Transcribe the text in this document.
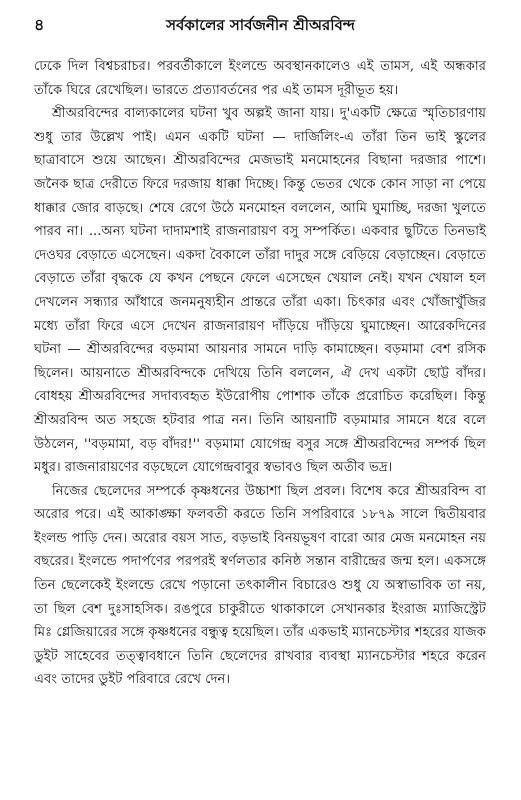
৪	সর্বকালের সার্বজনীন শ্রীঅরবিন্দ

ঢেকে দিল বিশ্বচরাচর। পরবর্তীকালে ইংলন্ডে অবস্থানকালেও এই তামস, এই অন্ধকার তাঁকে ঘিরে রেখেছিল। ভারতে প্রত্যাবর্তনের পর এই তামস দূরীভূত হয়।

শ্রীঅরবিন্দের বাল্যকালের ঘটনা খুব অল্পই জানা যায়। দু'একটি ক্ষেত্রে স্মৃতিচারণায় শুধু তার উল্লেখ পাই। এমন একটি ঘটনা — দার্জিলিং-এ তাঁরা তিন ভাই স্কুলের ছাত্রাবাসে শুয়ে আছেন। শ্রীঅরবিন্দের মেজভাই মনমোহনের বিছানা দরজার পাশে। জনৈক ছাত্র দেরীতে ফিরে দরজায় ধাক্কা দিচ্ছে। কিন্তু ভেতর থেকে কোন সাড়া না পেয়ে ধাক্কার জোর বাড়ছে। শেষে রেগে উঠে মনমোহন বললেন, আমি ঘুমাচ্ছি, দরজা খুলতে পারব না। ...অন্য ঘটনা দাদামশাই রাজনারায়ণ বসু সম্পর্কিত। একবার ছুটিতে তিনভাই দেওঘর বেড়াতে এসেছেন। একদা বৈকালে তাঁরা দাদুর সঙ্গে বেড়িয়ে বেড়াচ্ছেন। বেড়াতে বেড়াতে তাঁরা বৃদ্ধকে যে কখন পেছনে ফেলে এসেছেন খেয়াল নেই। যখন খেয়াল হল দেখলেন সন্ধ্যার আঁধারে জনমনুষ্যহীন প্রান্তরে তাঁরা একা। চিৎকার এবং খোঁজাখুঁজির মধ্যে তাঁরা ফিরে এসে দেখেন রাজনারায়ণ দাঁড়িয়ে দাঁড়িয়ে ঘুমাচ্ছেন। আরেকদিনের ঘটনা — শ্রীঅরবিন্দের বড়মামা আয়নার সামনে দাড়ি কামাচ্ছেন। বড়মামা বেশ রসিক ছিলেন। আয়নাতে শ্রীঅরবিন্দকে দেখিয়ে তিনি বললেন, ঐ দেখ একটা ছোট্ট বাঁদর। বোধহয় শ্রীঅরবিন্দের সদাব্যবহৃত ইউরোপীয় পোশাক তাঁকে প্ররোচিত করেছিল। কিন্তু শ্রীঅরবিন্দ অত সহজে হটবার পাত্র নন। তিনি আয়নাটি বড়মামার সামনে ধরে বলে উঠলেন, ''বড়মামা, বড় বাঁদর!'' বড়মামা যোগেন্দ্র বসুর সঙ্গে শ্রীঅরবিন্দের সম্পর্ক ছিল মধুর। রাজনারায়ণের বড়ছেলে যোগেন্দ্রবাবুর স্বভাবও ছিল অতীব ভদ্র।

নিজের ছেলেদের সম্পর্কে কৃষ্ণধনের উচ্চাশা ছিল প্রবল। বিশেষ করে শ্রীঅরবিন্দ বা অরোর পরে। এই আকাঙ্ক্ষা ফলবতী করতে তিনি সপরিবারে ১৮৭৯ সালে দ্বিতীয়বার ইংলন্ড পাড়ি দেন। অরোর বয়স সাত, বড়ভাই বিনয়ভূষণ বারো আর মেজ মনমোহন নয় বছরের। ইংলন্ডে পদার্পণের পরপরই স্বর্ণলতার কনিষ্ঠ সন্তান বারীন্দ্রের জন্ম হল। একসঙ্গে তিন ছেলেকেই ইংলন্ডে রেখে পড়ানো তৎকালীন বিচারেও শুধু যে অস্বাভাবিক তা নয়, তা ছিল বেশ দুঃসাহসিক। রঙপুরে চাকুরীতে থাকাকালে সেখানকার ইংরাজ ম্যাজিস্ট্রেট মিঃ গ্লেজিয়ারের সঙ্গে কৃষ্ণধনের বন্ধুত্ব হয়েছিল। তাঁর একভাই ম্যানচেস্টার শহরের যাজক ডুইট সাহেবের তত্ত্বাবধানে তিনি ছেলেদের রাখবার ব্যবস্থা ম্যানচেস্টার শহরে করেন এবং তাদের ডুইট পরিবারে রেখে দেন।
